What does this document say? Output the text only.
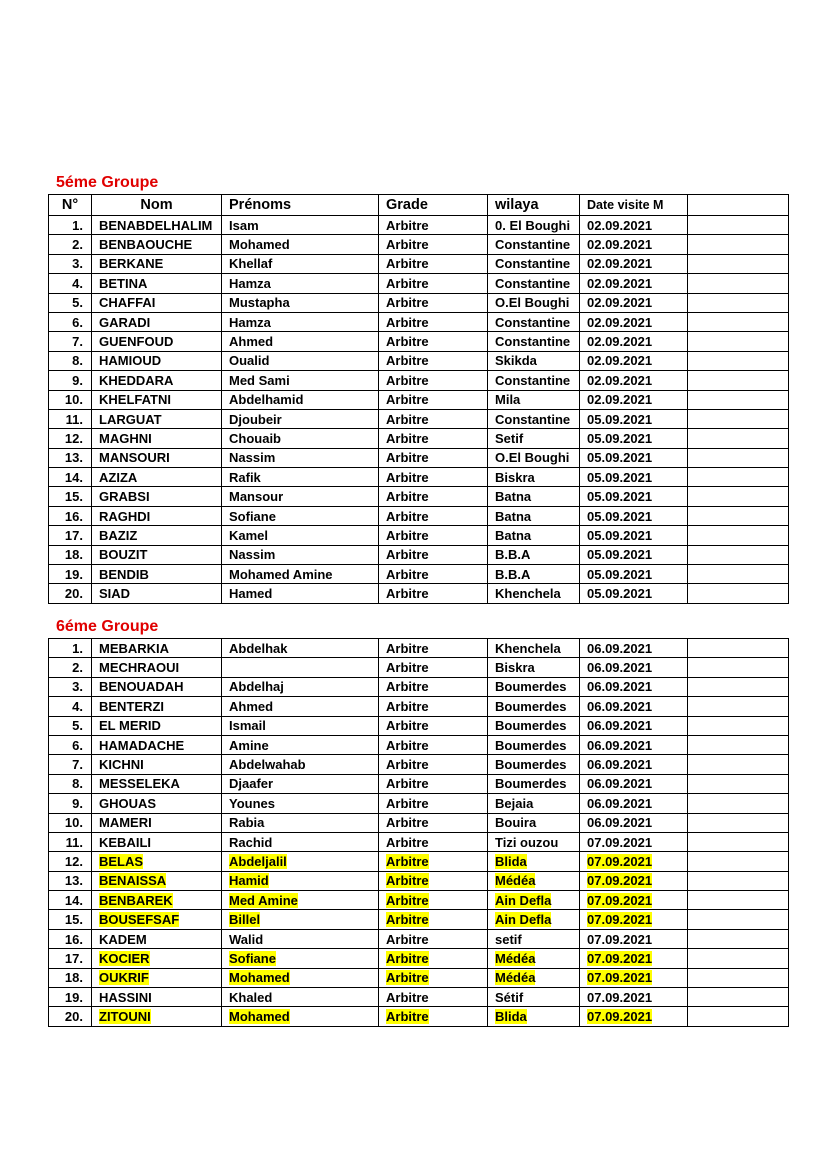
5éme Groupe
N°	Nom	Prénoms	Grade	wilaya	Date visite M	
1.	BENABDELHALIM	Isam	Arbitre	0. El Boughi	02.09.2021	
2.	BENBAOUCHE	Mohamed	Arbitre	Constantine	02.09.2021	
3.	BERKANE	Khellaf	Arbitre	Constantine	02.09.2021	
4.	BETINA	Hamza	Arbitre	Constantine	02.09.2021	
5.	CHAFFAI	Mustapha	Arbitre	O.El Boughi	02.09.2021	
6.	GARADI	Hamza	Arbitre	Constantine	02.09.2021	
7.	GUENFOUD	Ahmed	Arbitre	Constantine	02.09.2021	
8.	HAMIOUD	Oualid	Arbitre	Skikda	02.09.2021	
9.	KHEDDARA	Med Sami	Arbitre	Constantine	02.09.2021	
10.	KHELFATNI	Abdelhamid	Arbitre	Mila	02.09.2021	
11.	LARGUAT	Djoubeir	Arbitre	Constantine	05.09.2021	
12.	MAGHNI	Chouaib	Arbitre	Setif	05.09.2021	
13.	MANSOURI	Nassim	Arbitre	O.El Boughi	05.09.2021	
14.	AZIZA	Rafik	Arbitre	Biskra	05.09.2021	
15.	GRABSI	Mansour	Arbitre	Batna	05.09.2021	
16.	RAGHDI	Sofiane	Arbitre	Batna	05.09.2021	
17.	BAZIZ	Kamel	Arbitre	Batna	05.09.2021	
18.	BOUZIT	Nassim	Arbitre	B.B.A	05.09.2021	
19.	BENDIB	Mohamed Amine	Arbitre	B.B.A	05.09.2021	
20.	SIAD	Hamed	Arbitre	Khenchela	05.09.2021	
6éme Groupe
1.	MEBARKIA	Abdelhak	Arbitre	Khenchela	06.09.2021	
2.	MECHRAOUI		Arbitre	Biskra	06.09.2021	
3.	BENOUADAH	Abdelhaj	Arbitre	Boumerdes	06.09.2021	
4.	BENTERZI	Ahmed	Arbitre	Boumerdes	06.09.2021	
5.	EL MERID	Ismail	Arbitre	Boumerdes	06.09.2021	
6.	HAMADACHE	Amine	Arbitre	Boumerdes	06.09.2021	
7.	KICHNI	Abdelwahab	Arbitre	Boumerdes	06.09.2021	
8.	MESSELEKA	Djaafer	Arbitre	Boumerdes	06.09.2021	
9.	GHOUAS	Younes	Arbitre	Bejaia	06.09.2021	
10.	MAMERI	Rabia	Arbitre	Bouira	06.09.2021	
11.	KEBAILI	Rachid	Arbitre	Tizi ouzou	07.09.2021	
12.	BELAS	Abdeljalil	Arbitre	Blida	07.09.2021	
13.	BENAISSA	Hamid	Arbitre	Médéa	07.09.2021	
14.	BENBAREK	Med Amine	Arbitre	Ain Defla	07.09.2021	
15.	BOUSEFSAF	Billel	Arbitre	Ain Defla	07.09.2021	
16.	KADEM	Walid	Arbitre	setif	07.09.2021	
17.	KOCIER	Sofiane	Arbitre	Médéa	07.09.2021	
18.	OUKRIF	Mohamed	Arbitre	Médéa	07.09.2021	
19.	HASSINI	Khaled	Arbitre	Sétif	07.09.2021	
20.	ZITOUNI	Mohamed	Arbitre	Blida	07.09.2021	
